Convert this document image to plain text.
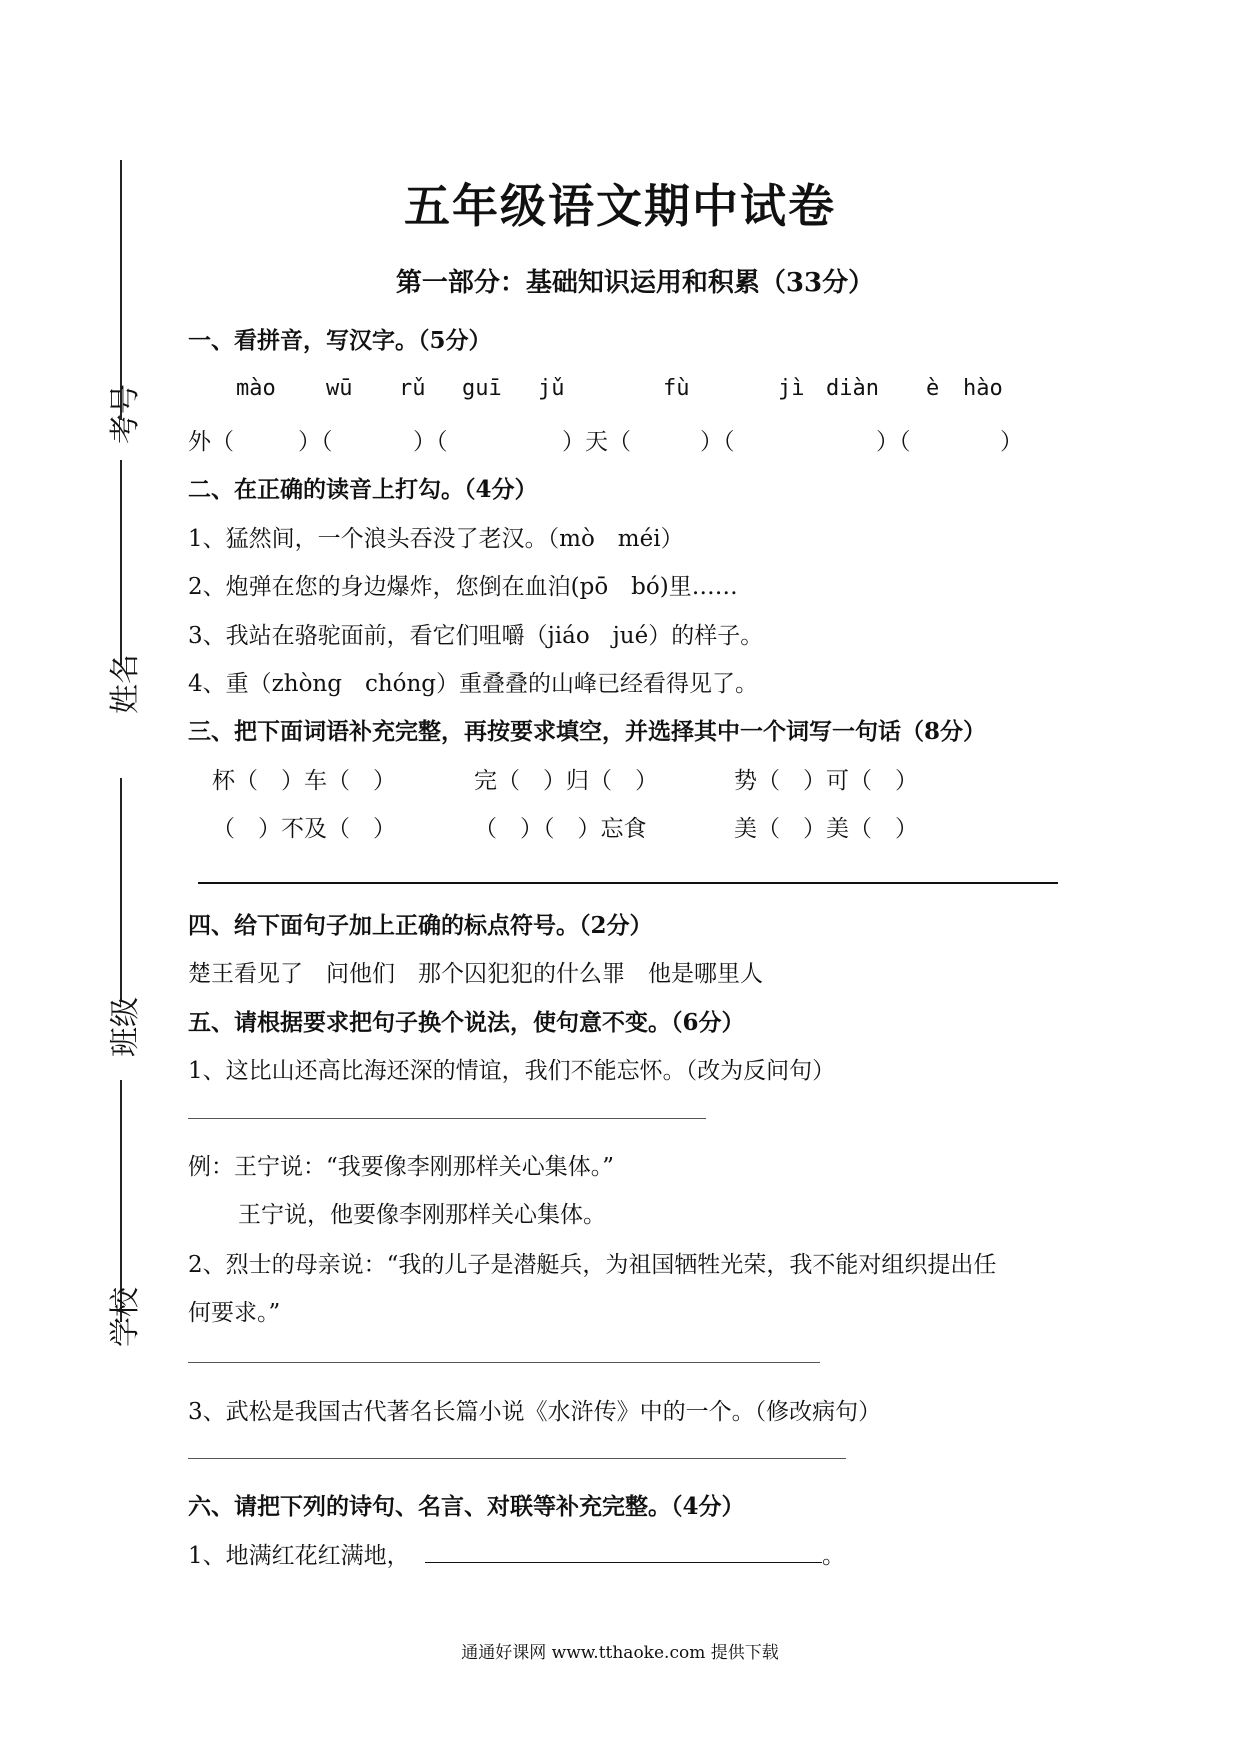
考号
姓名
班级
学校
五年级语文期中试卷
第一部分：基础知识运用和积累（33分）
一、看拼音，写汉字。（5分）
mào wū rǔ guī jǔ	fù	jì diàn è hào
外（	）（	）（	）天（	）（	）（	）
二、在正确的读音上打勾。（4分）
1、猛然间，一个浪头吞没了老汉。（mò　méi）
2、炮弹在您的身边爆炸，您倒在血泊(pō　bó)里……
3、我站在骆驼面前，看它们咀嚼（jiáo　jué）的样子。
4、重（zhòng　chóng）重叠叠的山峰已经看得见了。
三、把下面词语补充完整，再按要求填空，并选择其中一个词写一句话（8分）
杯（　）车（　）	完（　）归（　）	势（　）可（　）
（　）不及（　）	（　）（　）忘食	美（　）美（　）
四、给下面句子加上正确的标点符号。（2分）
楚王看见了　问他们　那个囚犯犯的什么罪　他是哪里人
五、请根据要求把句子换个说法，使句意不变。（6分）
1、这比山还高比海还深的情谊，我们不能忘怀。（改为反问句）
例：王宁说：“我要像李刚那样关心集体。”
王宁说，他要像李刚那样关心集体。
2、烈士的母亲说：“我的儿子是潜艇兵，为祖国牺牲光荣，我不能对组织提出任
何要求。”
3、武松是我国古代著名长篇小说《水浒传》中的一个。（修改病句）
六、请把下列的诗句、名言、对联等补充完整。（4分）
1、地满红花红满地，	。
通通好课网 www.tthaoke.com 提供下载
